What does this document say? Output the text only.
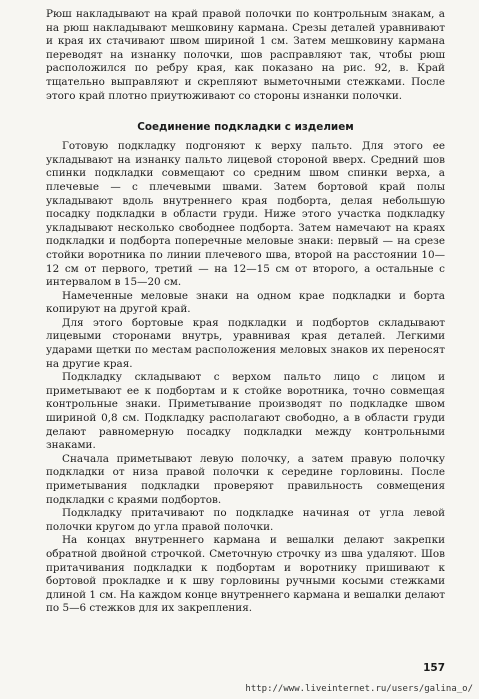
Рюш накладывают на край правой полочки по контрольным знакам, а на рюш накладывают мешковину кармана. Срезы деталей уравнивают и края их стачивают швом шириной 1 см. Затем мешковину кармана переводят на изнанку полочки, шов расправляют так, чтобы рюш расположился по ребру края, как показано на рис. 92, в. Край тщательно выправляют и скрепляют выметочными стежками. После этого край плотно приутюживают со стороны изнанки полочки.

Соединение подкладки с изделием

Готовую подкладку подгоняют к верху пальто. Для этого ее укладывают на изнанку пальто лицевой стороной вверх. Средний шов спинки подкладки совмещают со средним швом спинки верха, а плечевые — с плечевыми швами. Затем бортовой край полы укладывают вдоль внутреннего края подборта, делая небольшую посадку подкладки в области груди. Ниже этого участка подкладку укладывают несколько свободнее подборта. Затем намечают на краях подкладки и подборта поперечные меловые знаки: первый — на срезе стойки воротника по линии плечевого шва, второй на расстоянии 10—12 см от первого, третий — на 12—15 см от второго, а остальные с интервалом в 15—20 см.

Намеченные меловые знаки на одном крае подкладки и борта копируют на другой край.

Для этого бортовые края подкладки и подбортов складывают лицевыми сторонами внутрь, уравнивая края деталей. Легкими ударами щетки по местам расположения меловых знаков их переносят на другие края.

Подкладку складывают с верхом пальто лицо с лицом и приметывают ее к подбортам и к стойке воротника, точно совмещая контрольные знаки. Приметывание производят по подкладке швом шириной 0,8 см. Подкладку располагают свободно, а в области груди делают равномерную посадку подкладки между контрольными знаками.

Сначала приметывают левую полочку, а затем правую полочку подкладки от низа правой полочки к середине горловины. После приметывания подкладки проверяют правильность совмещения подкладки с краями подбортов.

Подкладку притачивают по подкладке начиная от угла левой полочки кругом до угла правой полочки.

На концах внутреннего кармана и вешалки делают закрепки обратной двойной строчкой. Сметочную строчку из шва удаляют. Шов притачивания подкладки к подбортам и воротнику пришивают к бортовой прокладке и к шву горловины ручными косыми стежками длиной 1 см. На каждом конце внутреннего кармана и вешалки делают по 5—6 стежков для их закрепления.

157
http://www.liveinternet.ru/users/galina_o/
